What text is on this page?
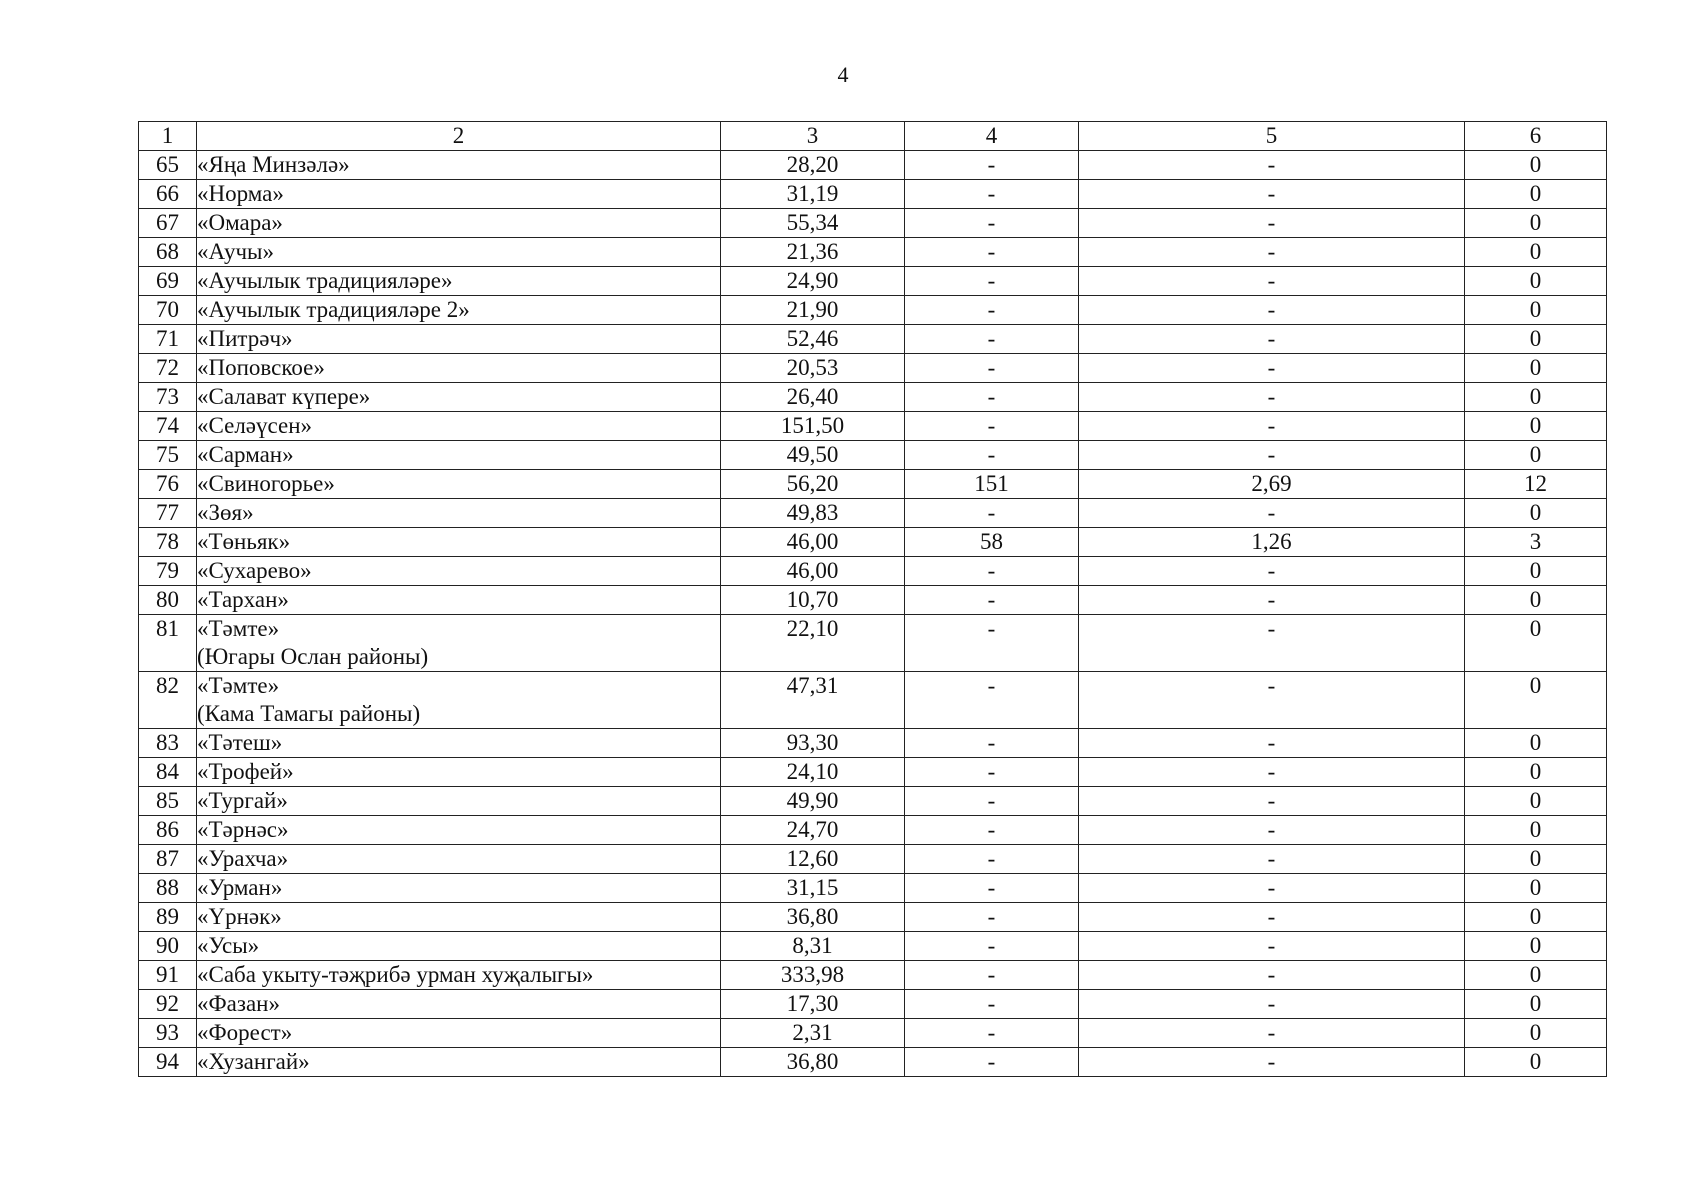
4
1	2	3	4	5	6
65	«Яңа Минзәлә»	28,20	-	-	0
66	«Норма»	31,19	-	-	0
67	«Омара»	55,34	-	-	0
68	«Аучы»	21,36	-	-	0
69	«Аучылык традицияләре»	24,90	-	-	0
70	«Аучылык традицияләре 2»	21,90	-	-	0
71	«Питрәч»	52,46	-	-	0
72	«Поповское»	20,53	-	-	0
73	«Салават күпере»	26,40	-	-	0
74	«Селәүсен»	151,50	-	-	0
75	«Сарман»	49,50	-	-	0
76	«Свиногорье»	56,20	151	2,69	12
77	«Зөя»	49,83	-	-	0
78	«Төньяк»	46,00	58	1,26	3
79	«Сухарево»	46,00	-	-	0
80	«Тархан»	10,70	-	-	0
81	«Тәмте»
(Югары Ослан районы)	22,10	-	-	0
82	«Тәмте»
(Кама Тамагы районы)	47,31	-	-	0
83	«Тәтеш»	93,30	-	-	0
84	«Трофей»	24,10	-	-	0
85	«Тургай»	49,90	-	-	0
86	«Тәрнәс»	24,70	-	-	0
87	«Урахча»	12,60	-	-	0
88	«Урман»	31,15	-	-	0
89	«Үрнәк»	36,80	-	-	0
90	«Усы»	8,31	-	-	0
91	«Саба укыту-тәҗрибә урман хуҗалыгы»	333,98	-	-	0
92	«Фазан»	17,30	-	-	0
93	«Форест»	2,31	-	-	0
94	«Хузангай»	36,80	-	-	0
